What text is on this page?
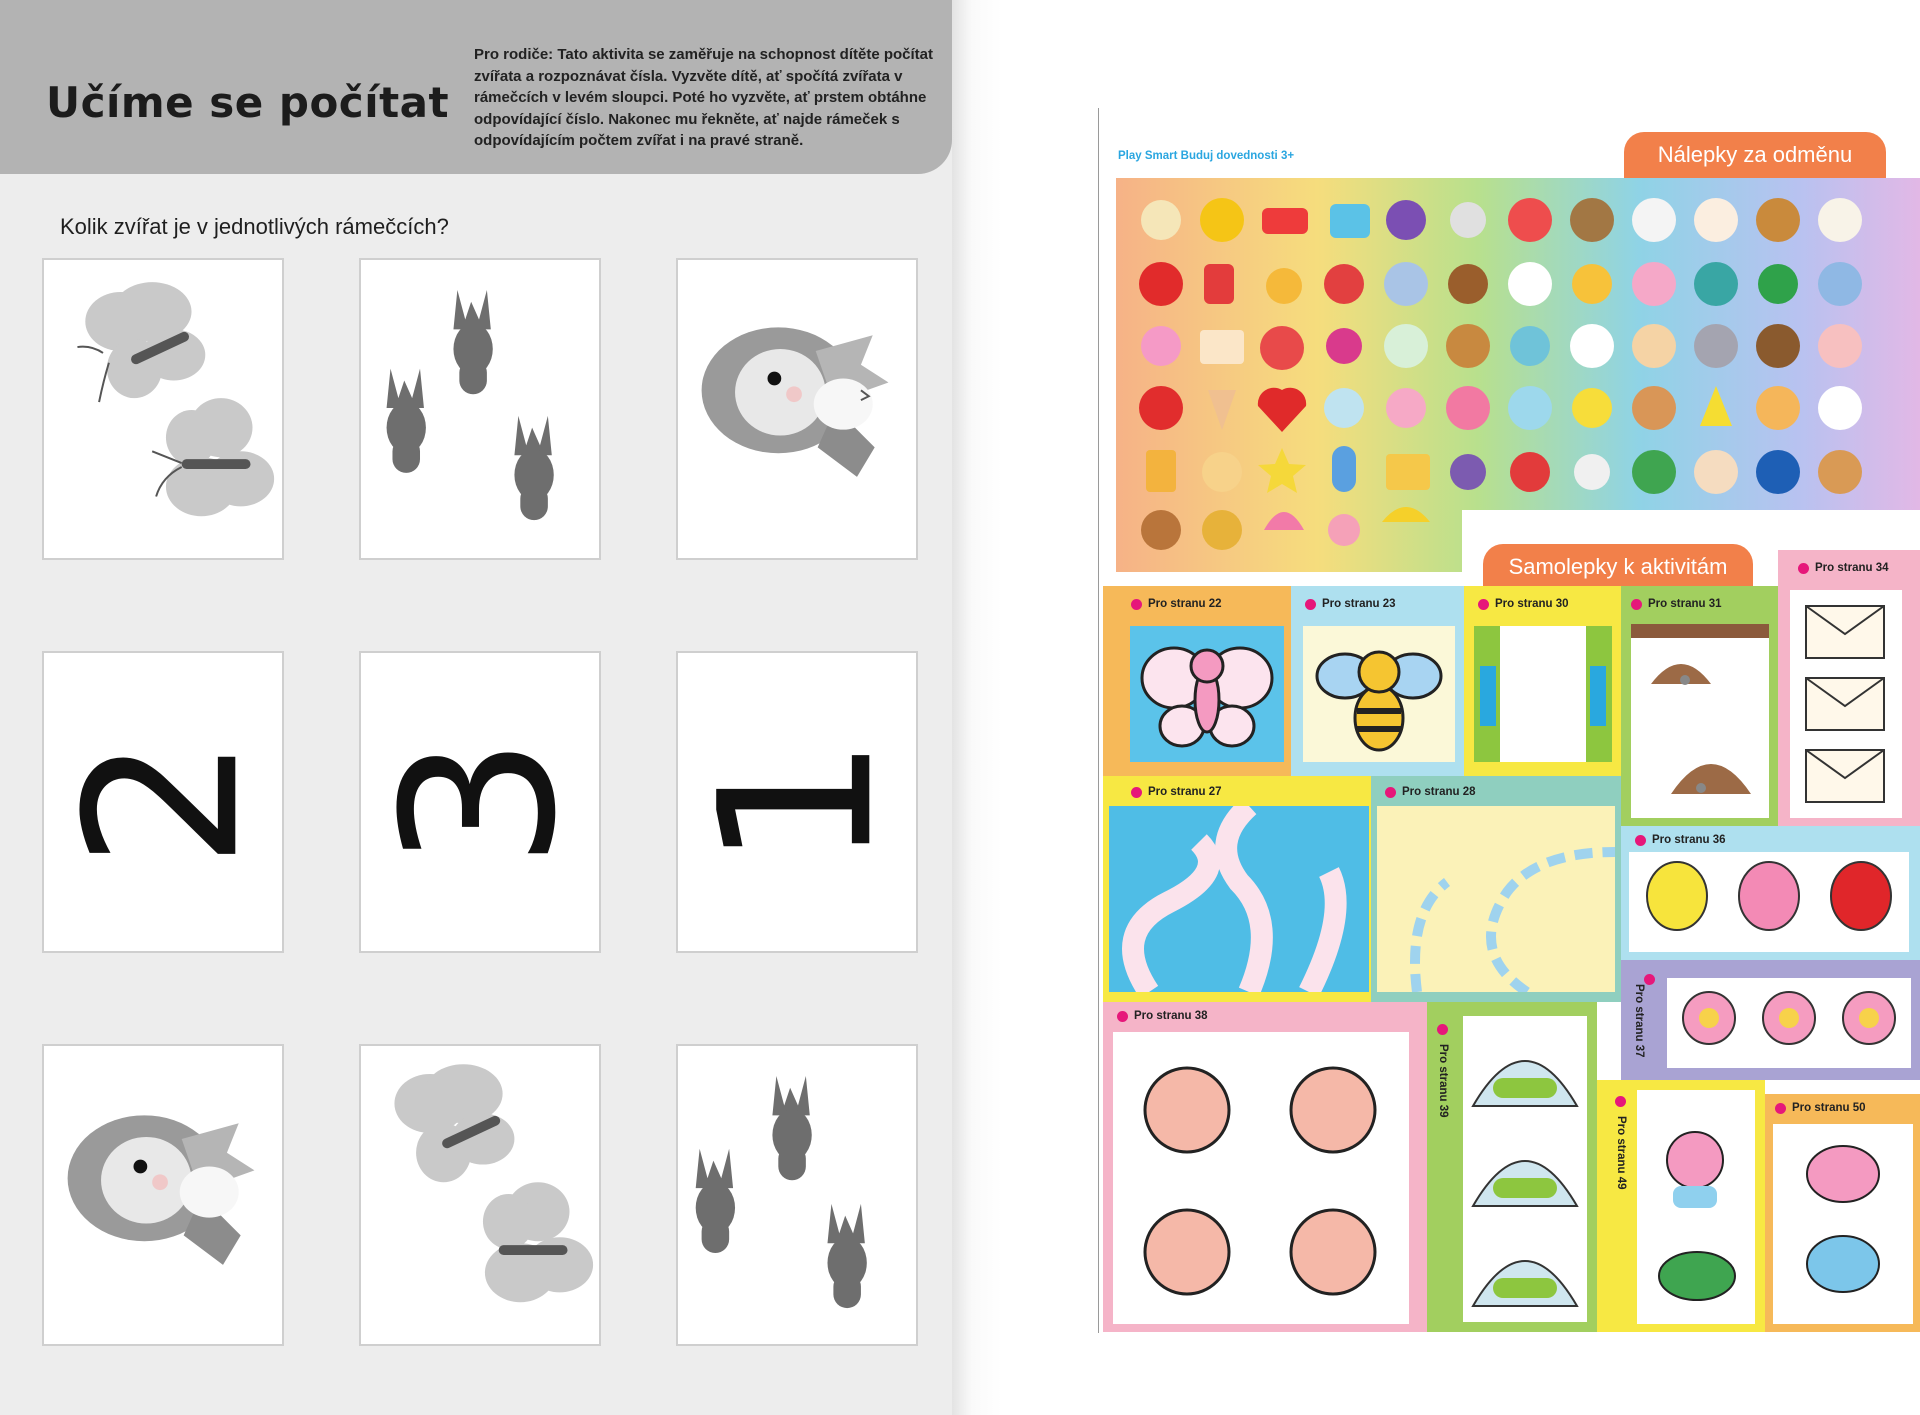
Učíme se počítat
Pro rodiče: Tato aktivita se zaměřuje na schopnost dítěte počítat zvířata a rozpoznávat čísla. Vyzvěte dítě, ať spočítá zvířata v rámečcích v levém sloupci. Poté ho vyzvěte, ať prstem obtáhne odpovídající číslo. Nakonec mu řekněte, ať najde rámeček s odpovídajícím počtem zvířat i na pravé straně.
Kolik zvířat je v jednotlivých rámečcích?
2 3 1
Play Smart Buduj dovednosti 3+	Nálepky za odměnu
Samolepky k aktivitám
Pro stranu 22	Pro stranu 23	Pro stranu 30	Pro stranu 31
Pro stranu 34
Pro stranu 27	Pro stranu 28
Pro stranu 36
Pro stranu 37
Pro stranu 38
Pro stranu 39
Pro stranu 49
Pro stranu 50
